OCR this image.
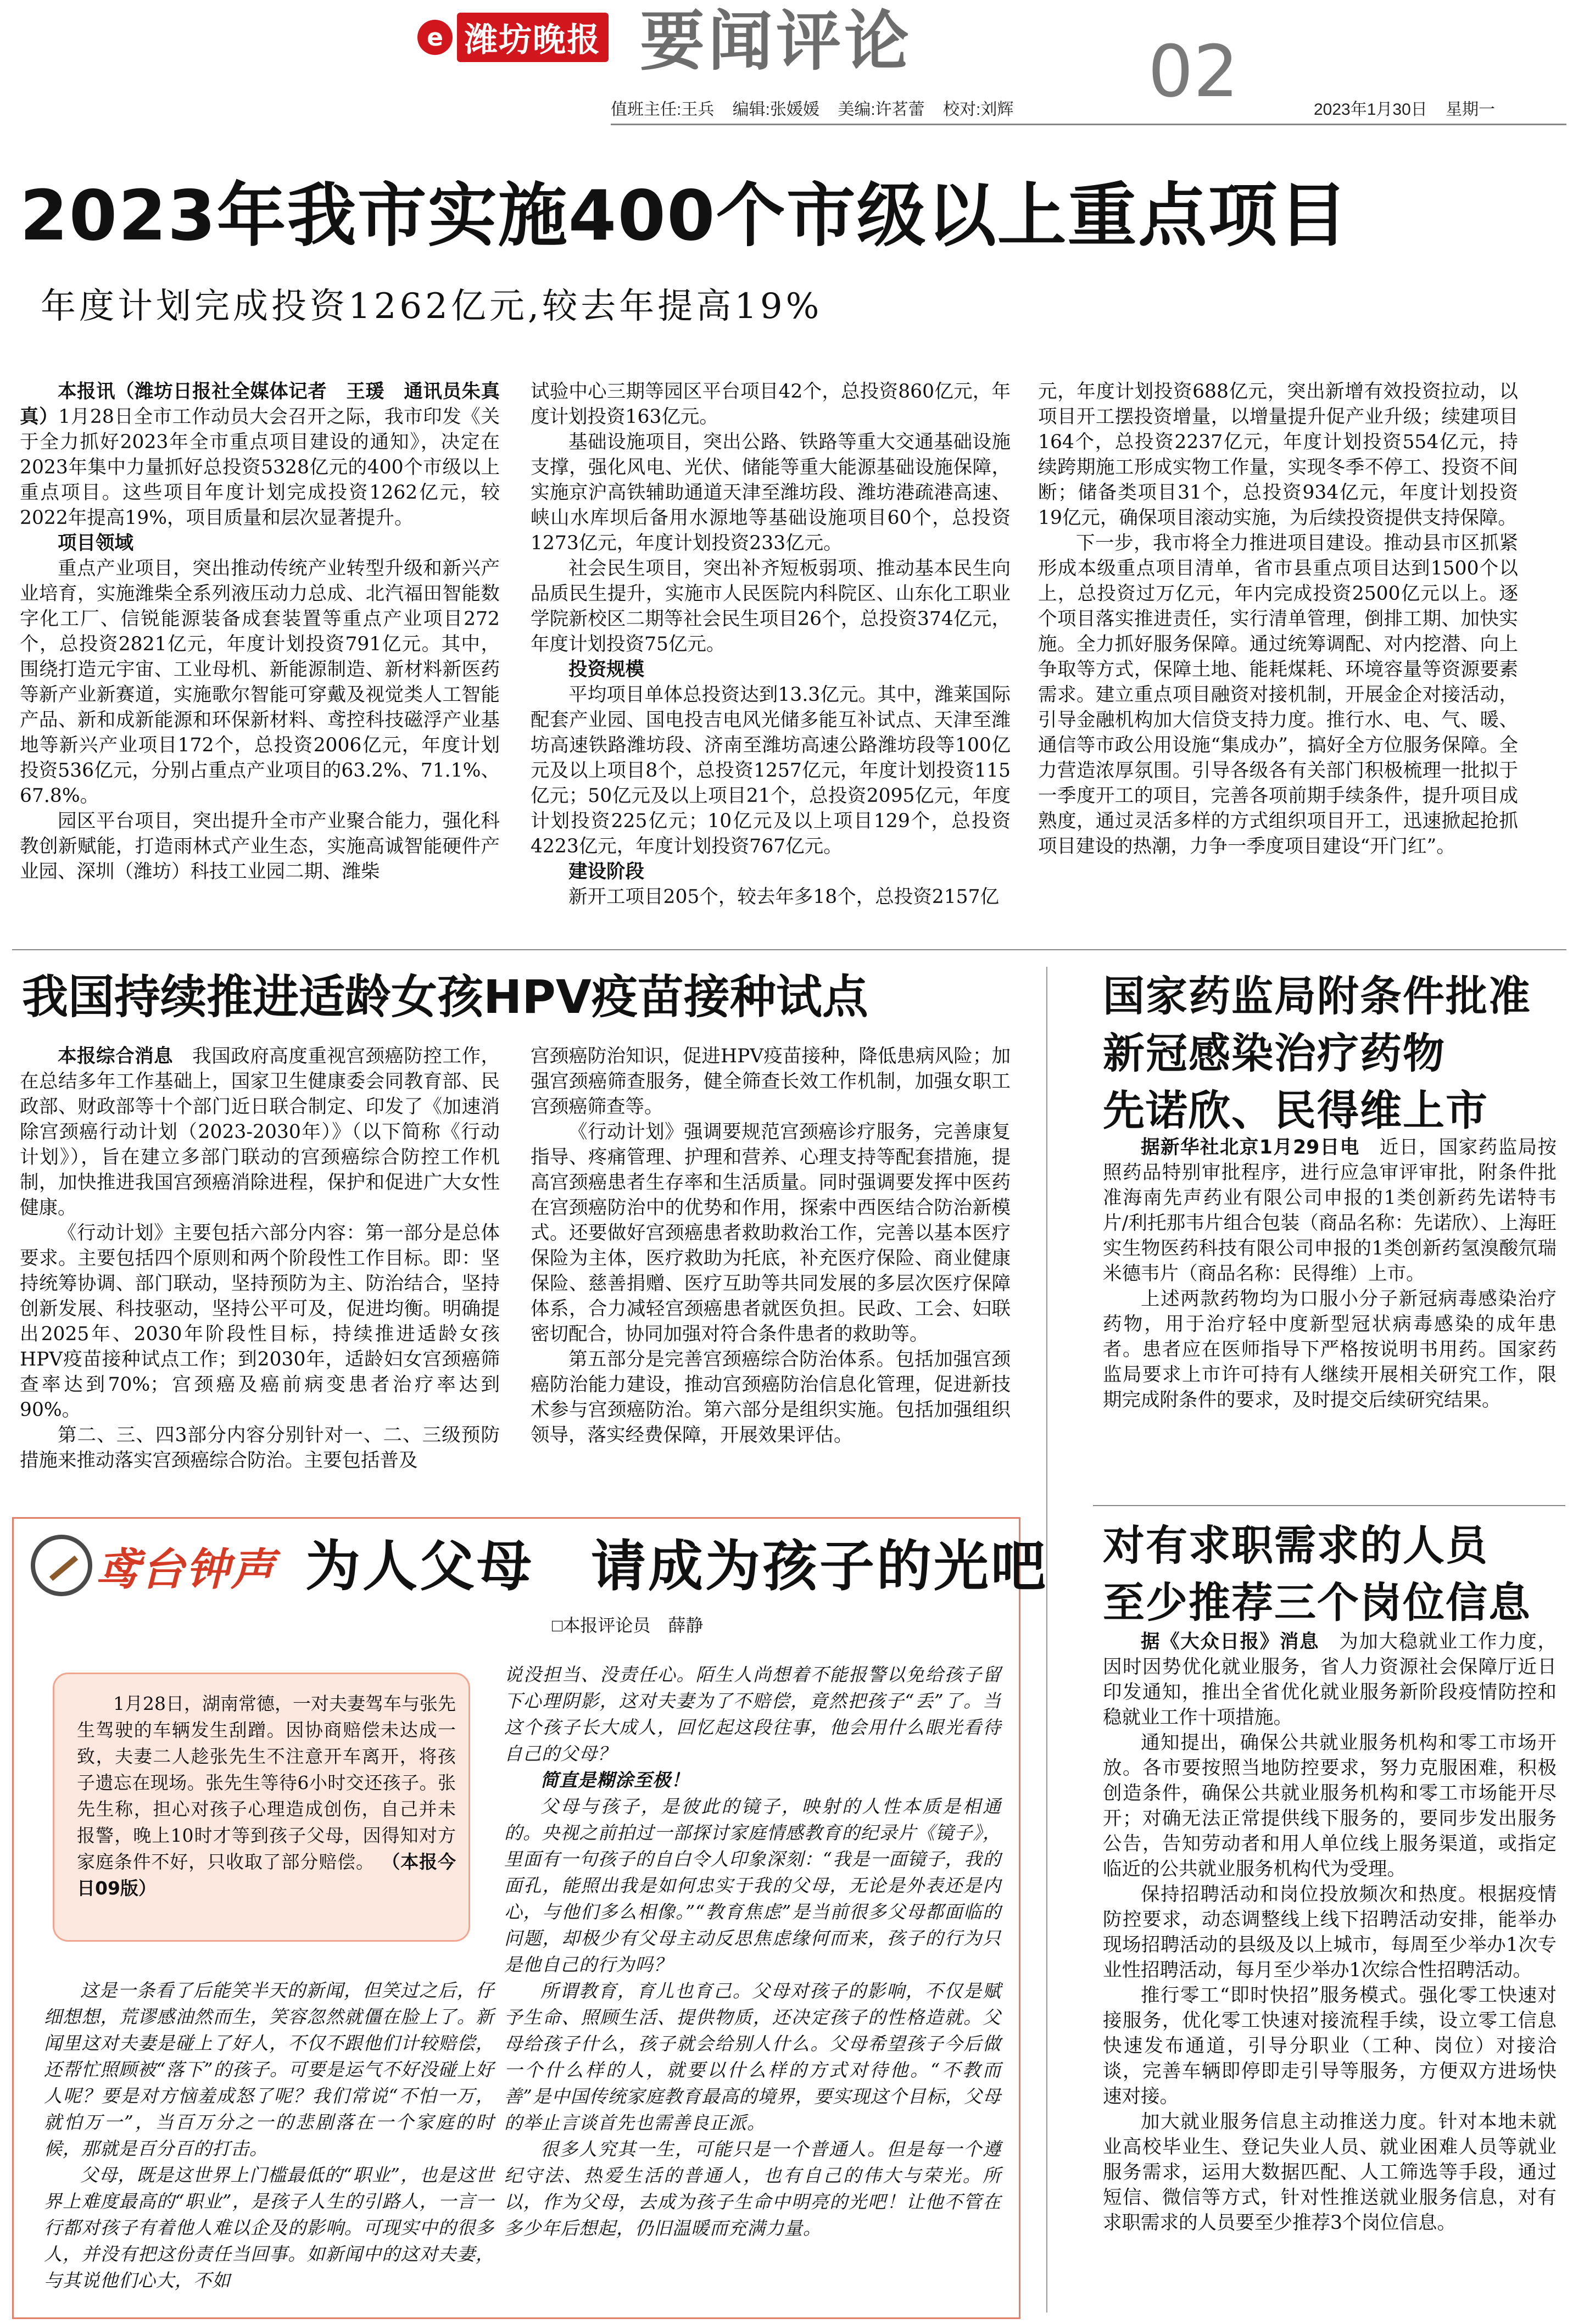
e 潍坊晚报 要闻评论	02
值班主任:王兵    编辑:张媛媛    美编:许茗蕾    校对:刘辉	2023年1月30日    星期一
2023年我市实施400个市级以上重点项目
年度计划完成投资1262亿元,较去年提高19%

本报讯（潍坊日报社全媒体记者　王瑗　通讯员朱真真）1月28日全市工作动员大会召开之际，我市印发《关于全力抓好2023年全市重点项目建设的通知》，决定在2023年集中力量抓好总投资5328亿元的400个市级以上重点项目。这些项目年度计划完成投资1262亿元，较2022年提高19%，项目质量和层次显著提升。

项目领域

重点产业项目，突出推动传统产业转型升级和新兴产业培育，实施潍柴全系列液压动力总成、北汽福田智能数字化工厂、信锐能源装备成套装置等重点产业项目272个，总投资2821亿元，年度计划投资791亿元。其中，围绕打造元宇宙、工业母机、新能源制造、新材料新医药等新产业新赛道，实施歌尔智能可穿戴及视觉类人工智能产品、新和成新能源和环保新材料、鸢控科技磁浮产业基地等新兴产业项目172个，总投资2006亿元，年度计划投资536亿元，分别占重点产业项目的63.2%、71.1%、67.8%。

园区平台项目，突出提升全市产业聚合能力，强化科教创新赋能，打造雨林式产业生态，实施高诚智能硬件产业园、深圳（潍坊）科技工业园二期、潍柴

试验中心三期等园区平台项目42个，总投资860亿元，年度计划投资163亿元。

基础设施项目，突出公路、铁路等重大交通基础设施支撑，强化风电、光伏、储能等重大能源基础设施保障，实施京沪高铁辅助通道天津至潍坊段、潍坊港疏港高速、峡山水库坝后备用水源地等基础设施项目60个，总投资1273亿元，年度计划投资233亿元。

社会民生项目，突出补齐短板弱项、推动基本民生向品质民生提升，实施市人民医院内科院区、山东化工职业学院新校区二期等社会民生项目26个，总投资374亿元，年度计划投资75亿元。

投资规模

平均项目单体总投资达到13.3亿元。其中，潍莱国际配套产业园、国电投吉电风光储多能互补试点、天津至潍坊高速铁路潍坊段、济南至潍坊高速公路潍坊段等100亿元及以上项目8个，总投资1257亿元，年度计划投资115亿元；50亿元及以上项目21个，总投资2095亿元，年度计划投资225亿元；10亿元及以上项目129个，总投资4223亿元，年度计划投资767亿元。

建设阶段

新开工项目205个，较去年多18个，总投资2157亿

元，年度计划投资688亿元，突出新增有效投资拉动，以项目开工摆投资增量，以增量提升促产业升级；续建项目164个，总投资2237亿元，年度计划投资554亿元，持续跨期施工形成实物工作量，实现冬季不停工、投资不间断；储备类项目31个，总投资934亿元，年度计划投资19亿元，确保项目滚动实施，为后续投资提供支持保障。

下一步，我市将全力推进项目建设。推动县市区抓紧形成本级重点项目清单，省市县重点项目达到1500个以上，总投资过万亿元，年内完成投资2500亿元以上。逐个项目落实推进责任，实行清单管理，倒排工期、加快实施。全力抓好服务保障。通过统筹调配、对内挖潜、向上争取等方式，保障土地、能耗煤耗、环境容量等资源要素需求。建立重点项目融资对接机制，开展金企对接活动，引导金融机构加大信贷支持力度。推行水、电、气、暖、通信等市政公用设施“集成办”，搞好全方位服务保障。全力营造浓厚氛围。引导各级各有关部门积极梳理一批拟于一季度开工的项目，完善各项前期手续条件，提升项目成熟度，通过灵活多样的方式组织项目开工，迅速掀起抢抓项目建设的热潮，力争一季度项目建设“开门红”。

我国持续推进适龄女孩HPV疫苗接种试点

本报综合消息　 我国政府高度重视宫颈癌防控工作，在总结多年工作基础上，国家卫生健康委会同教育部、民政部、财政部等十个部门近日联合制定、印发了《加速消除宫颈癌行动计划（2023-2030年）》（以下简称《行动计划》），旨在建立多部门联动的宫颈癌综合防控工作机制，加快推进我国宫颈癌消除进程，保护和促进广大女性健康。

《行动计划》主要包括六部分内容：第一部分是总体要求。主要包括四个原则和两个阶段性工作目标。即：坚持统筹协调、部门联动，坚持预防为主、防治结合，坚持创新发展、科技驱动，坚持公平可及，促进均衡。明确提出2025年、2030年阶段性目标，持续推进适龄女孩HPV疫苗接种试点工作；到2030年，适龄妇女宫颈癌筛查率达到70%；宫颈癌及癌前病变患者治疗率达到90%。

第二、三、四3部分内容分别针对一、二、三级预防措施来推动落实宫颈癌综合防治。主要包括普及

宫颈癌防治知识，促进HPV疫苗接种，降低患病风险；加强宫颈癌筛查服务，健全筛查长效工作机制，加强女职工宫颈癌筛查等。

《行动计划》强调要规范宫颈癌诊疗服务，完善康复指导、疼痛管理、护理和营养、心理支持等配套措施，提高宫颈癌患者生存率和生活质量。同时强调要发挥中医药在宫颈癌防治中的优势和作用，探索中西医结合防治新模式。还要做好宫颈癌患者救助救治工作，完善以基本医疗保险为主体，医疗救助为托底，补充医疗保险、商业健康保险、慈善捐赠、医疗互助等共同发展的多层次医疗保障体系，合力减轻宫颈癌患者就医负担。民政、工会、妇联密切配合，协同加强对符合条件患者的救助等。

第五部分是完善宫颈癌综合防治体系。包括加强宫颈癌防治能力建设，推动宫颈癌防治信息化管理，促进新技术参与宫颈癌防治。第六部分是组织实施。包括加强组织领导，落实经费保障，开展效果评估。

国家药监局附条件批准
新冠感染治疗药物
先诺欣、民得维上市

据新华社北京1月29日电　 近日，国家药监局按照药品特别审批程序，进行应急审评审批，附条件批准海南先声药业有限公司申报的1类创新药先诺特韦片/利托那韦片组合包装（商品名称：先诺欣）、上海旺实生物医药科技有限公司申报的1类创新药氢溴酸氘瑞米德韦片（商品名称：民得维）上市。

上述两款药物均为口服小分子新冠病毒感染治疗药物，用于治疗轻中度新型冠状病毒感染的成年患者。患者应在医师指导下严格按说明书用药。国家药监局要求上市许可持有人继续开展相关研究工作，限期完成附条件的要求，及时提交后续研究结果。

对有求职需求的人员
至少推荐三个岗位信息

据《大众日报》消息　 为加大稳就业工作力度，因时因势优化就业服务，省人力资源社会保障厅近日印发通知，推出全省优化就业服务新阶段疫情防控和稳就业工作十项措施。

通知提出，确保公共就业服务机构和零工市场开放。各市要按照当地防控要求，努力克服困难，积极创造条件，确保公共就业服务机构和零工市场能开尽开；对确无法正常提供线下服务的，要同步发出服务公告，告知劳动者和用人单位线上服务渠道，或指定临近的公共就业服务机构代为受理。

保持招聘活动和岗位投放频次和热度。根据疫情防控要求，动态调整线上线下招聘活动安排，能举办现场招聘活动的县级及以上城市，每周至少举办1次专业性招聘活动，每月至少举办1次综合性招聘活动。

推行零工“即时快招”服务模式。强化零工快速对接服务，优化零工快速对接流程手续，设立零工信息快速发布通道，引导分职业（工种、岗位）对接洽谈，完善车辆即停即走引导等服务，方便双方进场快速对接。

加大就业服务信息主动推送力度。针对本地未就业高校毕业生、登记失业人员、就业困难人员等就业服务需求，运用大数据匹配、人工筛选等手段，通过短信、微信等方式，针对性推送就业服务信息，对有求职需求的人员要至少推荐3个岗位信息。

鸢台钟声 为人父母　请成为孩子的光吧
□本报评论员　薛静

1月28日，湖南常德，一对夫妻驾车与张先生驾驶的车辆发生刮蹭。因协商赔偿未达成一致，夫妻二人趁张先生不注意开车离开，将孩子遗忘在现场。张先生等待6小时交还孩子。张先生称，担心对孩子心理造成创伤，自己并未报警，晚上10时才等到孩子父母，因得知对方家庭条件不好，只收取了部分赔偿。 （本报今日09版）

这是一条看了后能笑半天的新闻，但笑过之后，仔细想想，荒谬感油然而生，笑容忽然就僵在脸上了。新闻里这对夫妻是碰上了好人，不仅不跟他们计较赔偿，还帮忙照顾被“落下”的孩子。可要是运气不好没碰上好人呢？要是对方恼羞成怒了呢？我们常说“不怕一万，就怕万一”，当百万分之一的悲剧落在一个家庭的时候，那就是百分百的打击。

父母，既是这世界上门槛最低的“职业”，也是这世界上难度最高的“职业”，是孩子人生的引路人，一言一行都对孩子有着他人难以企及的影响。可现实中的很多人，并没有把这份责任当回事。如新闻中的这对夫妻，与其说他们心大，不如

说没担当、没责任心。陌生人尚想着不能报警以免给孩子留下心理阴影，这对夫妻为了不赔偿，竟然把孩子“丢”了。当这个孩子长大成人，回忆起这段往事，他会用什么眼光看待自己的父母？

简直是糊涂至极！

父母与孩子，是彼此的镜子，映射的人性本质是相通的。央视之前拍过一部探讨家庭情感教育的纪录片《镜子》，里面有一句孩子的自白令人印象深刻：“我是一面镜子，我的面孔，能照出我是如何忠实于我的父母，无论是外表还是内心，与他们多么相像。”“教育焦虑”是当前很多父母都面临的问题，却极少有父母主动反思焦虑缘何而来，孩子的行为只是他自己的行为吗？

所谓教育，育儿也育己。父母对孩子的影响，不仅是赋予生命、照顾生活、提供物质，还决定孩子的性格造就。父母给孩子什么，孩子就会给别人什么。父母希望孩子今后做一个什么样的人，就要以什么样的方式对待他。“不教而善”是中国传统家庭教育最高的境界，要实现这个目标，父母的举止言谈首先也需善良正派。

很多人究其一生，可能只是一个普通人。但是每一个遵纪守法、热爱生活的普通人，也有自己的伟大与荣光。所以，作为父母，去成为孩子生命中明亮的光吧！让他不管在多少年后想起，仍旧温暖而充满力量。
